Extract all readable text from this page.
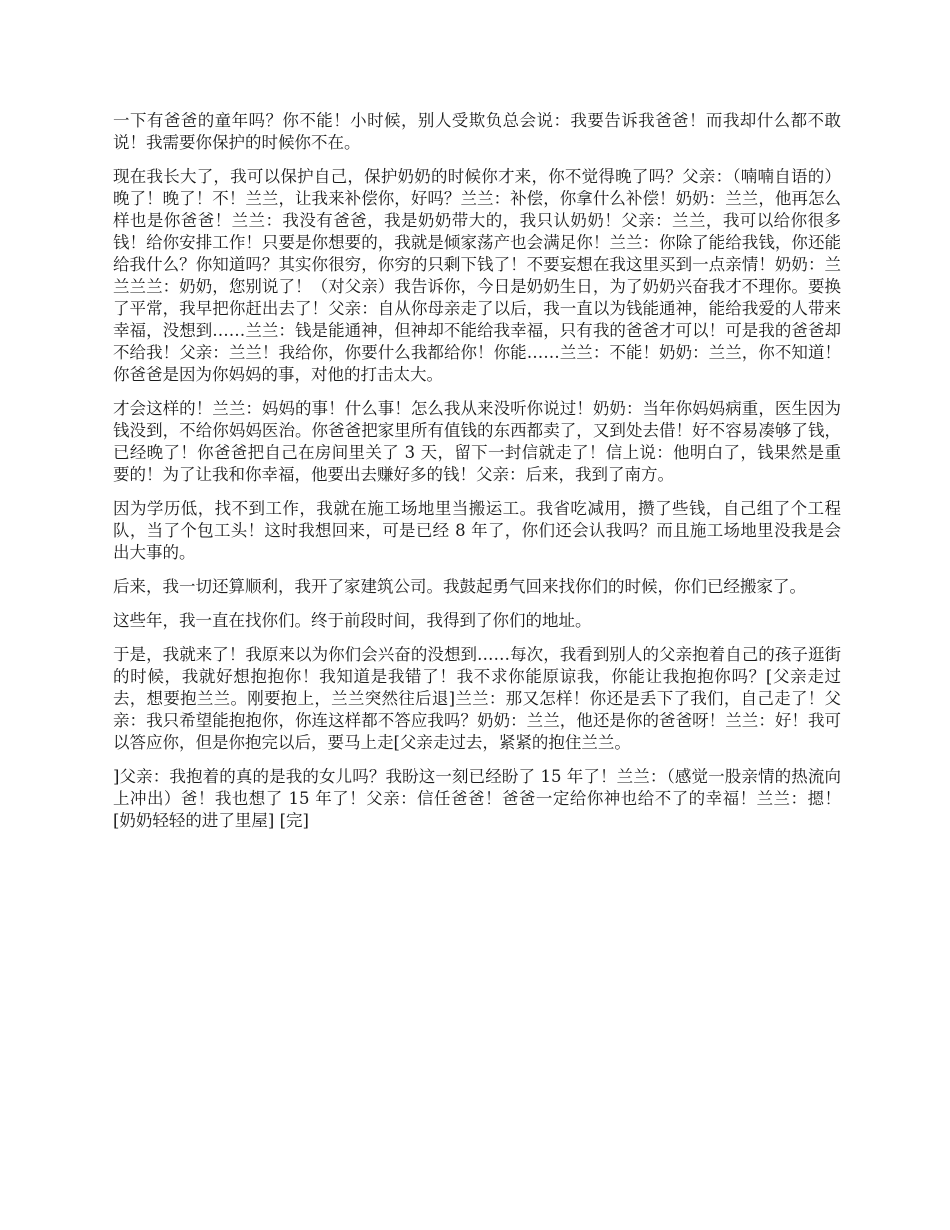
一下有爸爸的童年吗？你不能！小时候，别人受欺负总会说：我要告诉我爸爸！而我却什么都不敢说！我需要你保护的时候你不在。

现在我长大了，我可以保护自己，保护奶奶的时候你才来，你不觉得晚了吗？父亲：（喃喃自语的）晚了！晚了！不！兰兰，让我来补偿你，好吗？兰兰：补偿，你拿什么补偿！奶奶：兰兰，他再怎么样也是你爸爸！兰兰：我没有爸爸，我是奶奶带大的，我只认奶奶！父亲：兰兰，我可以给你很多钱！给你安排工作！只要是你想要的，我就是倾家荡产也会满足你！兰兰：你除了能给我钱，你还能给我什么？你知道吗？其实你很穷，你穷的只剩下钱了！不要妄想在我这里买到一点亲情！奶奶：兰兰兰兰：奶奶，您别说了！（对父亲）我告诉你，今日是奶奶生日，为了奶奶兴奋我才不理你。要换了平常，我早把你赶出去了！父亲：自从你母亲走了以后，我一直以为钱能通神，能给我爱的人带来幸福，没想到……兰兰：钱是能通神，但神却不能给我幸福，只有我的爸爸才可以！可是我的爸爸却不给我！父亲：兰兰！我给你，你要什么我都给你！你能……兰兰：不能！奶奶：兰兰，你不知道！你爸爸是因为你妈妈的事，对他的打击太大。

才会这样的！兰兰：妈妈的事！什么事！怎么我从来没听你说过！奶奶：当年你妈妈病重，医生因为钱没到，不给你妈妈医治。你爸爸把家里所有值钱的东西都卖了，又到处去借！好不容易凑够了钱，已经晚了！你爸爸把自己在房间里关了 3 天，留下一封信就走了！信上说：他明白了，钱果然是重要的！为了让我和你幸福，他要出去赚好多的钱！父亲：后来，我到了南方。

因为学历低，找不到工作，我就在施工场地里当搬运工。我省吃减用，攒了些钱，自己组了个工程队，当了个包工头！这时我想回来，可是已经 8 年了，你们还会认我吗？而且施工场地里没我是会出大事的。

后来，我一切还算顺利，我开了家建筑公司。我鼓起勇气回来找你们的时候，你们已经搬家了。

这些年，我一直在找你们。终于前段时间，我得到了你们的地址。

于是，我就来了！我原来以为你们会兴奋的没想到……每次，我看到别人的父亲抱着自己的孩子逛街的时候，我就好想抱抱你！我知道是我错了！我不求你能原谅我，你能让我抱抱你吗？[父亲走过去，想要抱兰兰。刚要抱上，兰兰突然往后退]兰兰：那又怎样！你还是丢下了我们，自己走了！父亲：我只希望能抱抱你，你连这样都不答应我吗？奶奶：兰兰，他还是你的爸爸呀！兰兰：好！我可以答应你，但是你抱完以后，要马上走[父亲走过去，紧紧的抱住兰兰。

]父亲：我抱着的真的是我的女儿吗？我盼这一刻已经盼了 15 年了！兰兰：（感觉一股亲情的热流向上冲出）爸！我也想了 15 年了！父亲：信任爸爸！爸爸一定给你神也给不了的幸福！兰兰：摁！[奶奶轻轻的进了里屋] [完]
